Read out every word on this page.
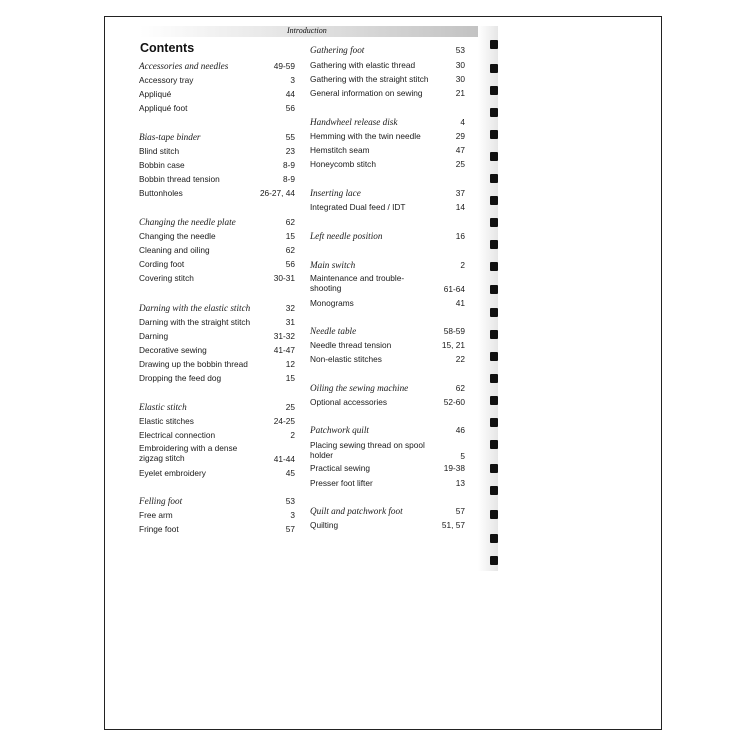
Introduction
Contents
Accessories and needles	49-59
Accessory tray	3
Appliqué	44
Appliqué foot	56
Bias-tape binder	55
Blind stitch	23
Bobbin case	8-9
Bobbin thread tension	8-9
Buttonholes	26-27, 44
Changing the needle plate	62
Changing the needle	15
Cleaning and oiling	62
Cording foot	56
Covering stitch	30-31
Darning with the elastic stitch	32
Darning with the straight stitch	31
Darning	31-32
Decorative sewing	41-47
Drawing up the bobbin thread	12
Dropping the feed dog	15
Elastic stitch	25
Elastic stitches	24-25
Electrical connection	2
Embroidering with a dense zigzag stitch	41-44
Eyelet embroidery	45
Felling foot	53
Free arm	3
Fringe foot	57
Gathering foot	53
Gathering with elastic thread	30
Gathering with the straight stitch	30
General information on sewing	21
Handwheel release disk	4
Hemming with the twin needle	29
Hemstitch seam	47
Honeycomb stitch	25
Inserting lace	37
Integrated Dual feed / IDT	14
Left needle position	16
Main switch	2
Maintenance and trouble-shooting	61-64
Monograms	41
Needle table	58-59
Needle thread tension	15, 21
Non-elastic stitches	22
Oiling the sewing machine	62
Optional accessories	52-60
Patchwork quilt	46
Placing sewing thread on spool holder	5
Practical sewing	19-38
Presser foot lifter	13
Quilt and patchwork foot	57
Quilting	51, 57
